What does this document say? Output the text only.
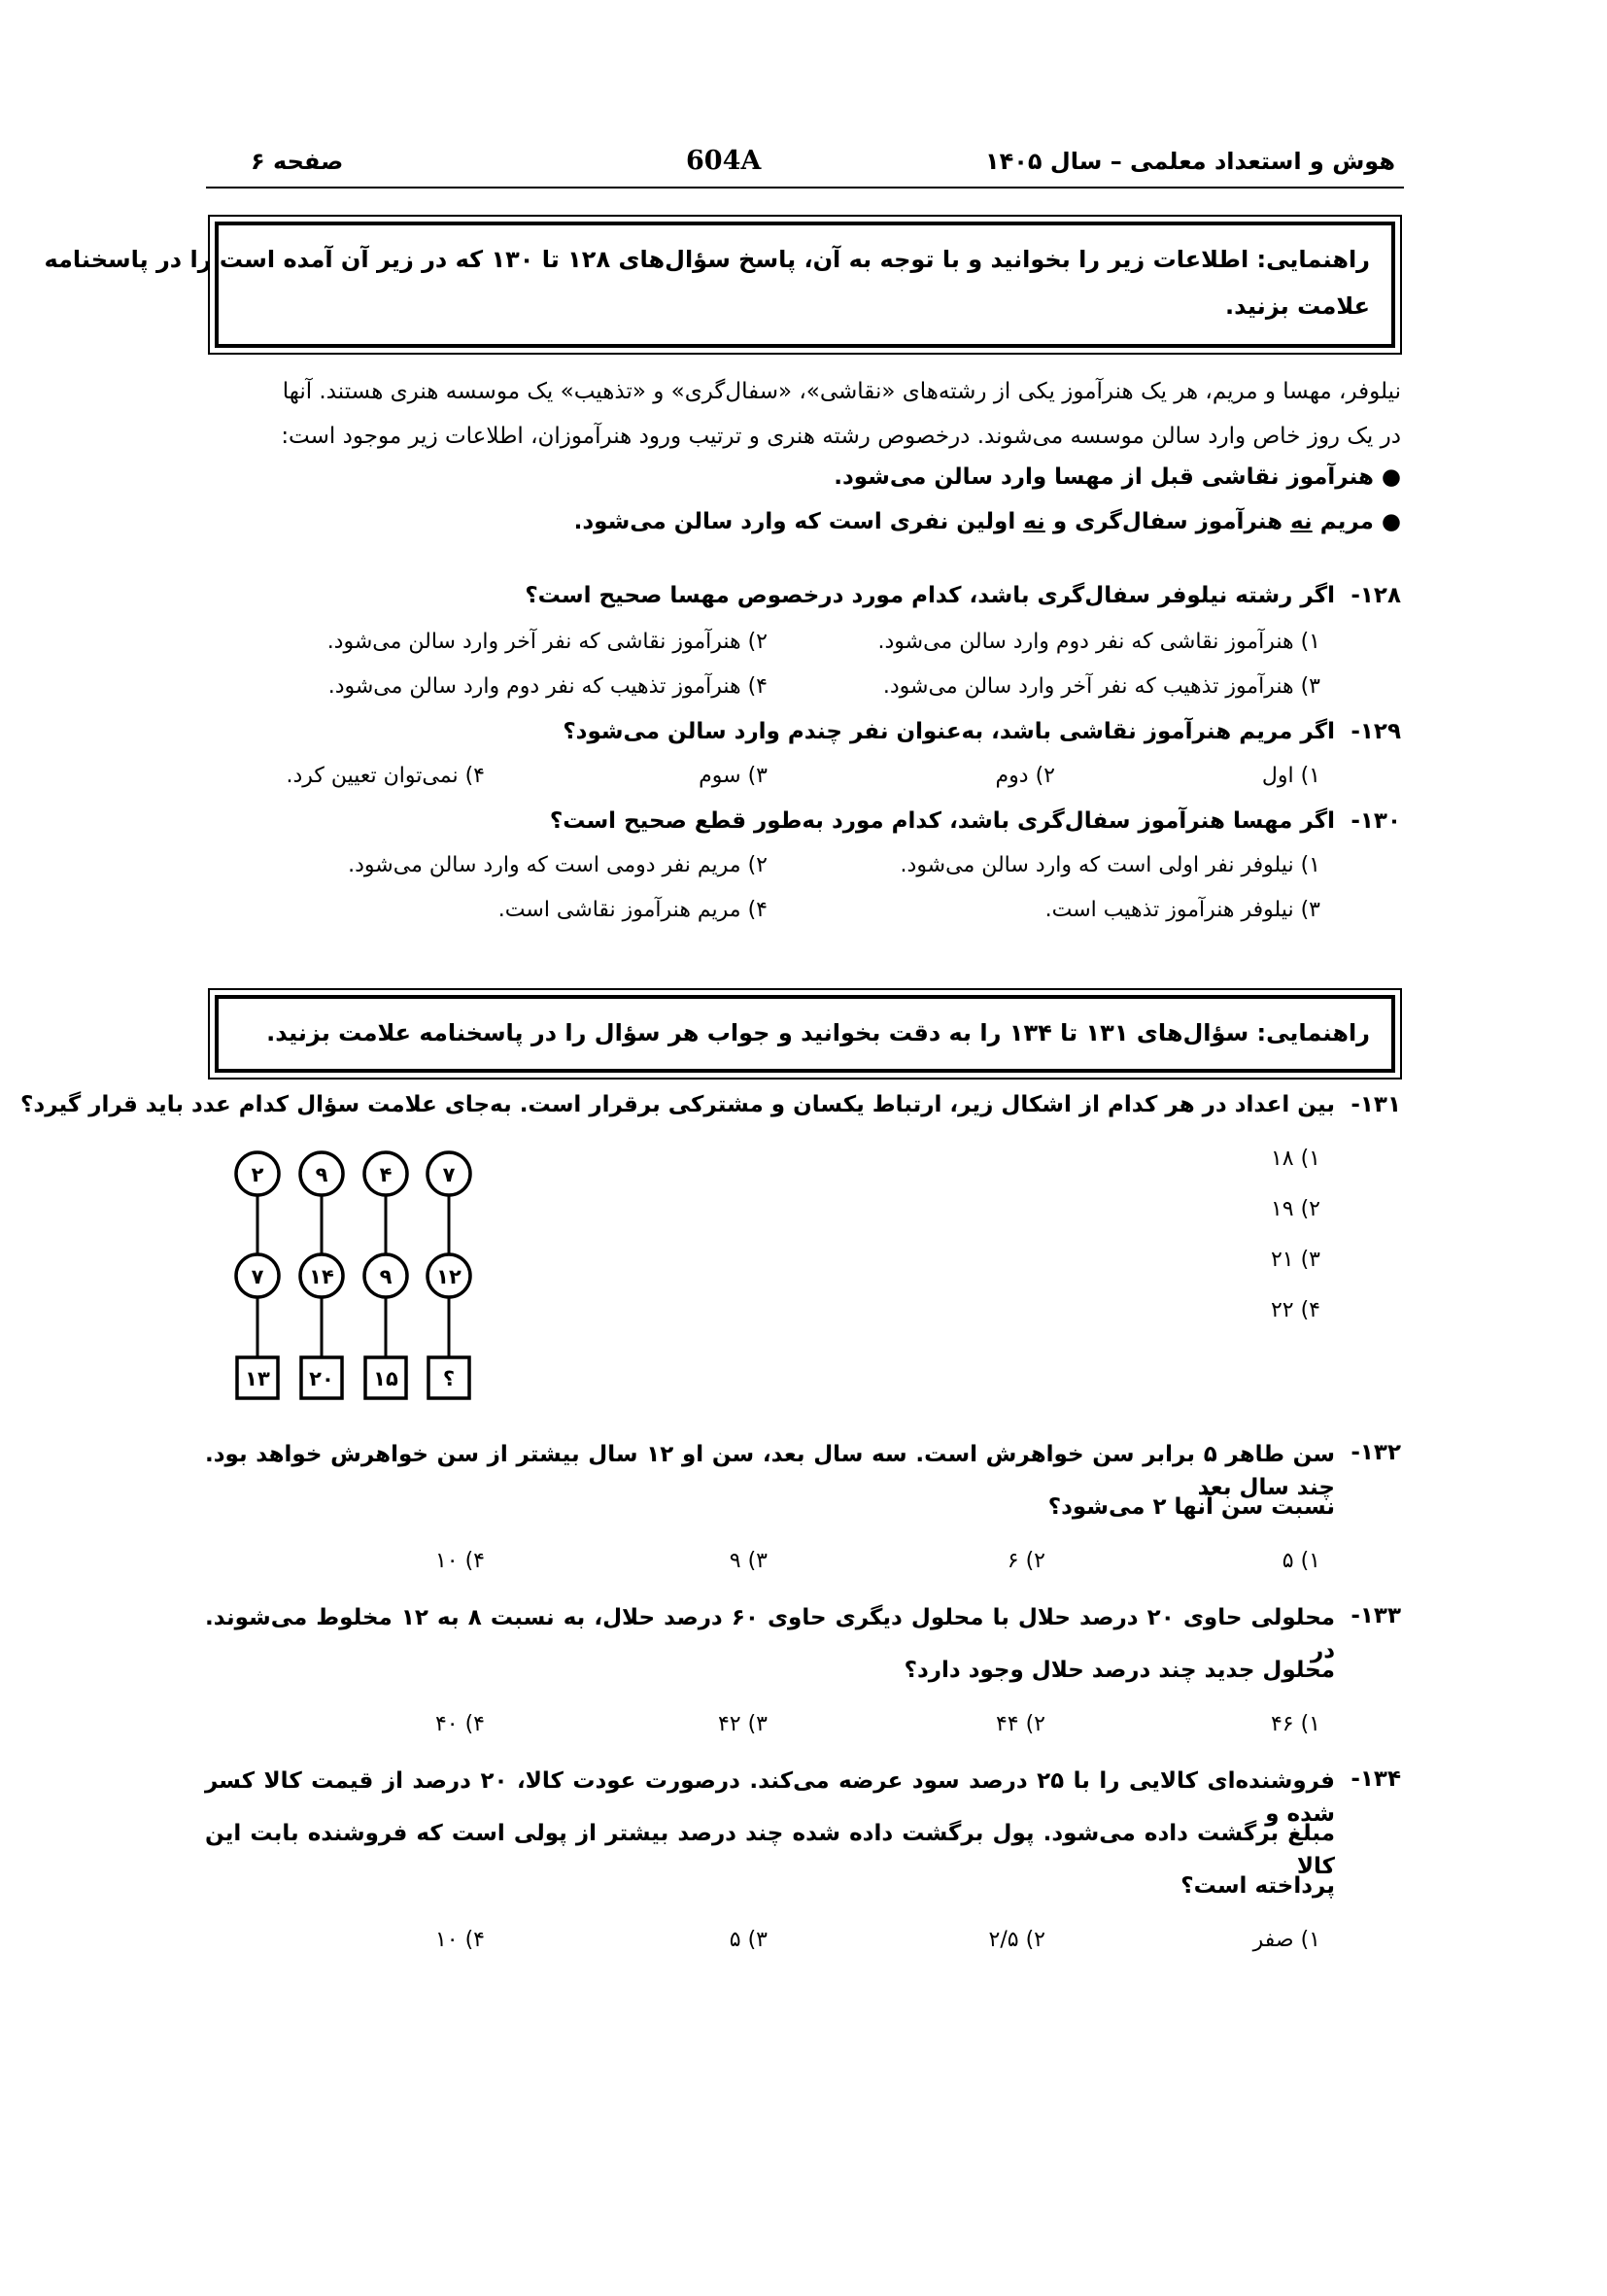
هوش و استعداد معلمی – سال ۱۴۰۵
604A
صفحه ۶
راهنمایی: اطلاعات زیر را بخوانید و با توجه به آن، پاسخ سؤال‌های ۱۲۸ تا ۱۳۰ که در زیر آن آمده است را در پاسخنامه
علامت بزنید.
نیلوفر، مهسا و مریم، هر یک هنرآموز یکی از رشته‌های «نقاشی»، «سفال‌گری» و «تذهیب» یک موسسه هنری هستند. آنها
در یک روز خاص وارد سالن موسسه می‌شوند. درخصوص رشته هنری و ترتیب ورود هنرآموزان، اطلاعات زیر موجود است:
● هنرآموز نقاشی قبل از مهسا وارد سالن می‌شود.
● مریم نه هنرآموز سفال‌گری و نه اولین نفری است که وارد سالن می‌شود.
۱۲۸-
اگر رشته نیلوفر سفال‌گری باشد، کدام مورد درخصوص مهسا صحیح است؟
۱) هنرآموز نقاشی که نفر دوم وارد سالن می‌شود.
۲) هنرآموز نقاشی که نفر آخر وارد سالن می‌شود.
۳) هنرآموز تذهیب که نفر آخر وارد سالن می‌شود.
۴) هنرآموز تذهیب که نفر دوم وارد سالن می‌شود.
۱۲۹-
اگر مریم هنرآموز نقاشی باشد، به‌عنوان نفر چندم وارد سالن می‌شود؟
۱) اول
۲) دوم
۳) سوم
۴) نمی‌توان تعیین کرد.
۱۳۰-
اگر مهسا هنرآموز سفال‌گری باشد، کدام مورد به‌طور قطع صحیح است؟
۱) نیلوفر نفر اولی است که وارد سالن می‌شود.
۲) مریم نفر دومی است که وارد سالن می‌شود.
۳) نیلوفر هنرآموز تذهیب است.
۴) مریم هنرآموز نقاشی است.
راهنمایی: سؤال‌های ۱۳۱ تا ۱۳۴ را به دقت بخوانید و جواب هر سؤال را در پاسخنامه علامت بزنید.
۱۳۱-
بین اعداد در هر کدام از اشکال زیر، ارتباط یکسان و مشترکی برقرار است. به‌جای علامت سؤال کدام عدد باید قرار گیرد؟
۱) ۱۸
۲) ۱۹
۳) ۲۱
۴) ۲۲
۷
۱۲
؟
۴
۹
۱۵
۹
۱۴
۲۰
۲
۷
۱۳
۱۳۲-
سن طاهر ۵ برابر سن خواهرش است. سه سال بعد، سن او ۱۲ سال بیشتر از سن خواهرش خواهد بود. چند سال بعد
نسبت سن آنها ۲ می‌شود؟
۱) ۵
۲) ۶
۳) ۹
۴) ۱۰
۱۳۳-
محلولی حاوی ۲۰ درصد حلال با محلول دیگری حاوی ۶۰ درصد حلال، به نسبت ۸ به ۱۲ مخلوط می‌شوند. در
محلول جدید چند درصد حلال وجود دارد؟
۱) ۴۶
۲) ۴۴
۳) ۴۲
۴) ۴۰
۱۳۴-
فروشنده‌ای کالایی را با ۲۵ درصد سود عرضه می‌کند. درصورت عودت کالا، ۲۰ درصد از قیمت کالا کسر شده و
مبلغ برگشت داده می‌شود. پول برگشت داده شده چند درصد بیشتر از پولی است که فروشنده بابت این کالا
پرداخته است؟
۱) صفر
۲) ۲/۵
۳) ۵
۴) ۱۰
